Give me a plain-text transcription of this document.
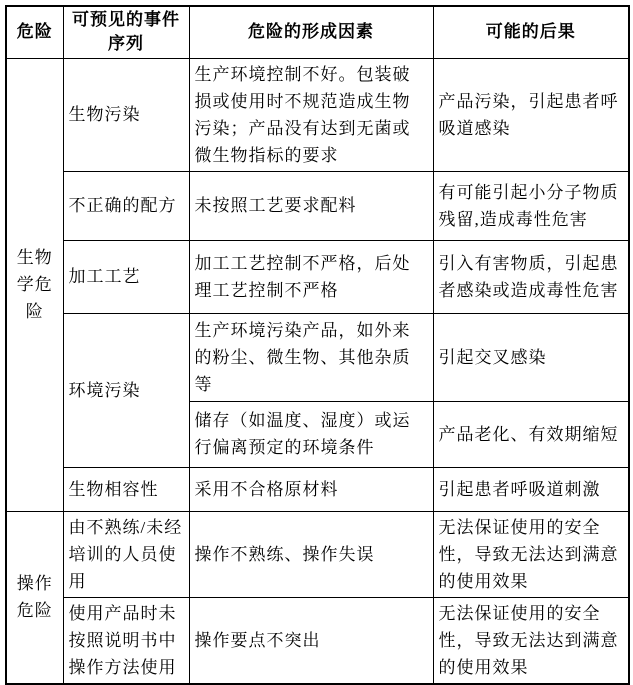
危险	可预见的事件序列	危险的形成因素	可能的后果
生物学危险	生物污染	生产环境控制不好。包装破损或使用时不规范造成生物污染；产品没有达到无菌或微生物指标的要求	产品污染，引起患者呼吸道感染
	不正确的配方	未按照工艺要求配料	有可能引起小分子物质残留,造成毒性危害
	加工工艺	加工工艺控制不严格，后处理工艺控制不严格	引入有害物质，引起患者感染或造成毒性危害
	环境污染	生产环境污染产品，如外来的粉尘、微生物、其他杂质等	引起交叉感染
		储存（如温度、湿度）或运行偏离预定的环境条件	产品老化、有效期缩短
	生物相容性	采用不合格原材料	引起患者呼吸道刺激
操作危险	由不熟练/未经培训的人员使用	操作不熟练、操作失误	无法保证使用的安全性，导致无法达到满意的使用效果
	使用产品时未按照说明书中操作方法使用	操作要点不突出	无法保证使用的安全性，导致无法达到满意的使用效果
